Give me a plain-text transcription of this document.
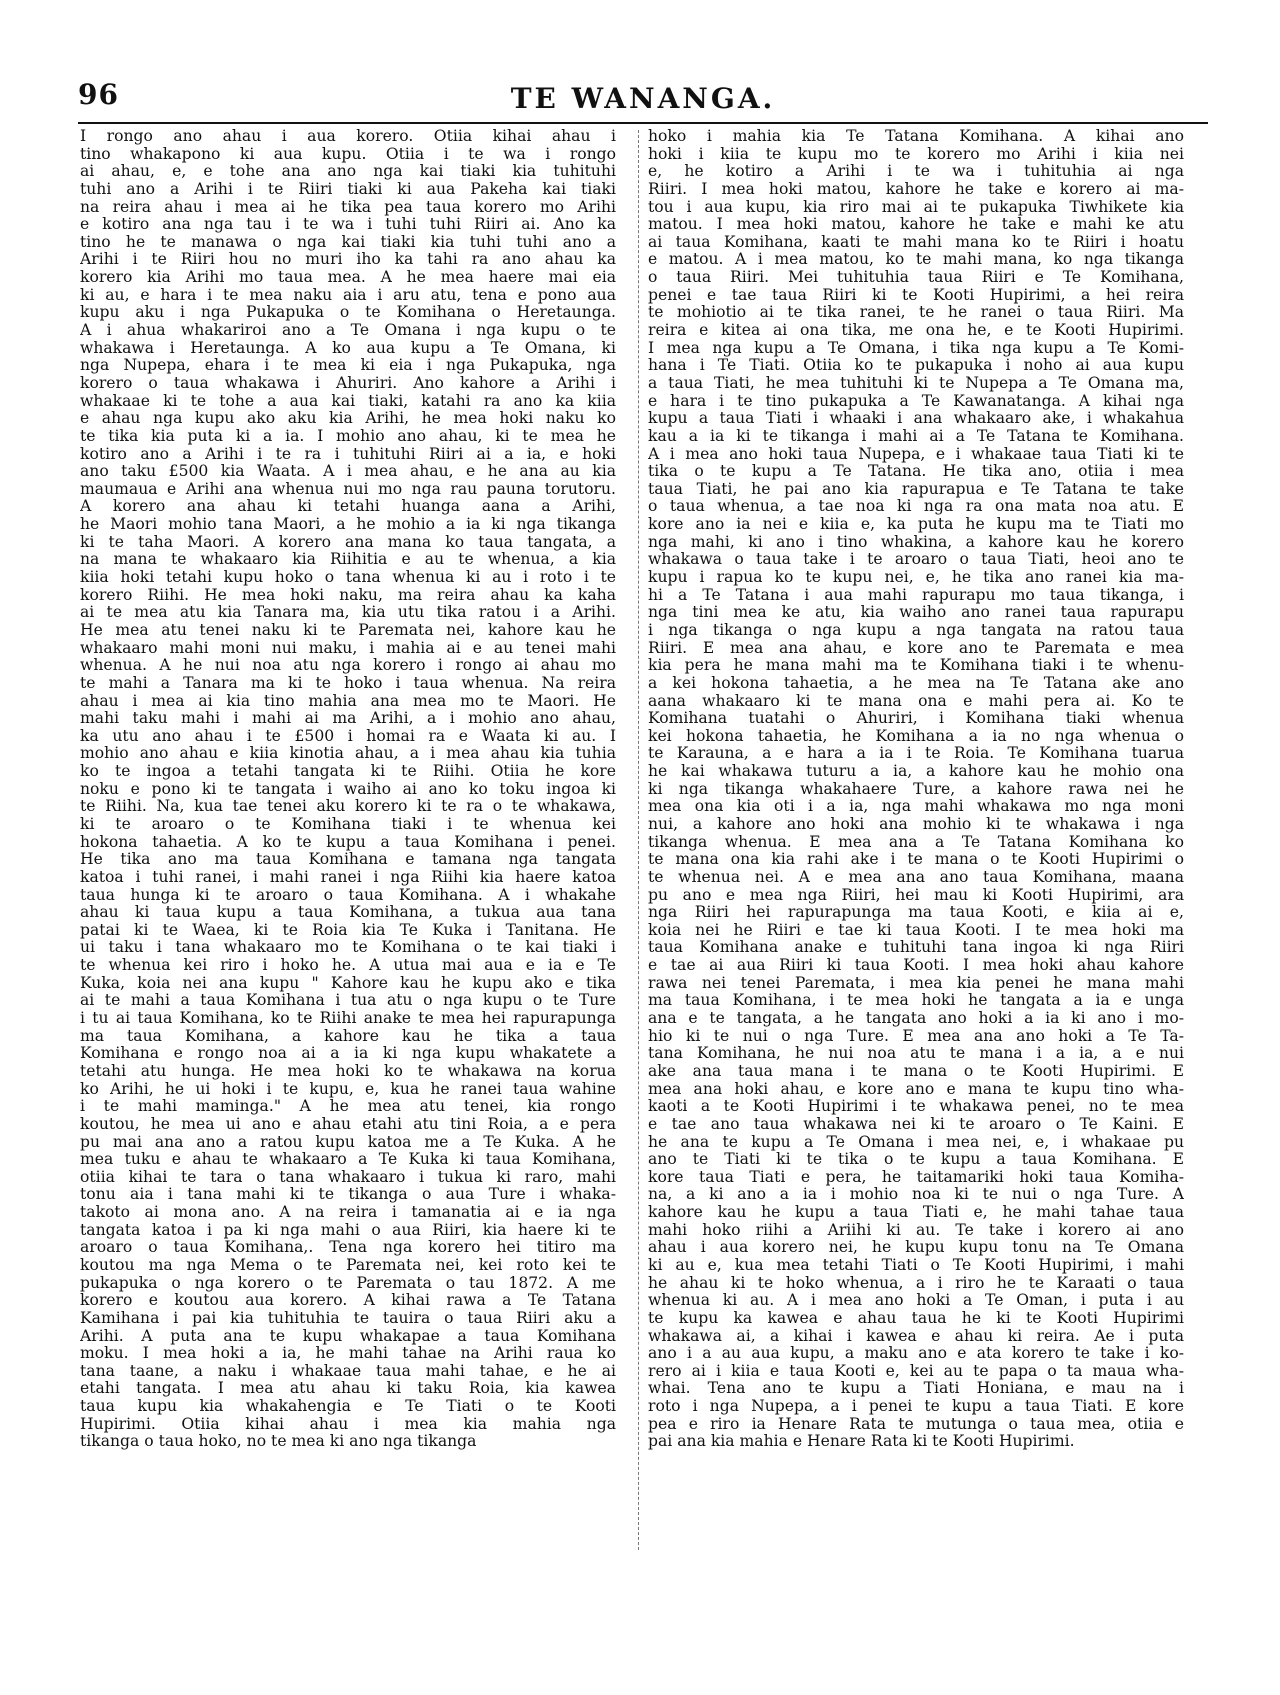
96	TE WANANGA.
I rongo ano ahau i aua korero. Otiia kihai ahau i
tino whakapono ki aua kupu. Otiia i te wa i rongo
ai ahau, e, e tohe ana ano nga kai tiaki kia tuhituhi
tuhi ano a Arihi i te Riiri tiaki ki aua Pakeha kai tiaki
na reira ahau i mea ai he tika pea taua korero mo Arihi
e kotiro ana nga tau i te wa i tuhi tuhi Riiri ai. Ano ka
tino he te manawa o nga kai tiaki kia tuhi tuhi ano a
Arihi i te Riiri hou no muri iho ka tahi ra ano ahau ka
korero kia Arihi mo taua mea. A he mea haere mai eia
ki au, e hara i te mea naku aia i aru atu, tena e pono aua
kupu aku i nga Pukapuka o te Komihana o Heretaunga.
A i ahua whakariroi ano a Te Omana i nga kupu o te
whakawa i Heretaunga. A ko aua kupu a Te Omana, ki
nga Nupepa, ehara i te mea ki eia i nga Pukapuka, nga
korero o taua whakawa i Ahuriri. Ano kahore a Arihi i
whakaae ki te tohe a aua kai tiaki, katahi ra ano ka kiia
e ahau nga kupu ako aku kia Arihi, he mea hoki naku ko
te tika kia puta ki a ia. I mohio ano ahau, ki te mea he
kotiro ano a Arihi i te ra i tuhituhi Riiri ai a ia, e hoki
ano taku £500 kia Waata. A i mea ahau, e he ana au kia
maumaua e Arihi ana whenua nui mo nga rau pauna torutoru.
A korero ana ahau ki tetahi huanga aana a Arihi,
he Maori mohio tana Maori, a he mohio a ia ki nga tikanga
ki te taha Maori. A korero ana mana ko taua tangata, a
na mana te whakaaro kia Riihitia e au te whenua, a kia
kiia hoki tetahi kupu hoko o tana whenua ki au i roto i te
korero Riihi. He mea hoki naku, ma reira ahau ka kaha
ai te mea atu kia Tanara ma, kia utu tika ratou i a Arihi.
He mea atu tenei naku ki te Paremata nei, kahore kau he
whakaaro mahi moni nui maku, i mahia ai e au tenei mahi
whenua. A he nui noa atu nga korero i rongo ai ahau mo
te mahi a Tanara ma ki te hoko i taua whenua. Na reira
ahau i mea ai kia tino mahia ana mea mo te Maori. He
mahi taku mahi i mahi ai ma Arihi, a i mohio ano ahau,
ka utu ano ahau i te £500 i homai ra e Waata ki au. I
mohio ano ahau e kiia kinotia ahau, a i mea ahau kia tuhia
ko te ingoa a tetahi tangata ki te Riihi. Otiia he kore
noku e pono ki te tangata i waiho ai ano ko toku ingoa ki
te Riihi. Na, kua tae tenei aku korero ki te ra o te whakawa,
ki te aroaro o te Komihana tiaki i te whenua kei
hokona tahaetia. A ko te kupu a taua Komihana i penei.
He tika ano ma taua Komihana e tamana nga tangata
katoa i tuhi ranei, i mahi ranei i nga Riihi kia haere katoa
taua hunga ki te aroaro o taua Komihana. A i whakahe
ahau ki taua kupu a taua Komihana, a tukua aua tana
patai ki te Waea, ki te Roia kia Te Kuka i Tanitana. He
ui taku i tana whakaaro mo te Komihana o te kai tiaki i
te whenua kei riro i hoko he. A utua mai aua e ia e Te
Kuka, koia nei ana kupu " Kahore kau he kupu ako e tika
ai te mahi a taua Komihana i tua atu o nga kupu o te Ture
i tu ai taua Komihana, ko te Riihi anake te mea hei rapurapunga
ma taua Komihana, a kahore kau he tika a taua
Komihana e rongo noa ai a ia ki nga kupu whakatete a
tetahi atu hunga. He mea hoki ko te whakawa na korua
ko Arihi, he ui hoki i te kupu, e, kua he ranei taua wahine
i te mahi maminga." A he mea atu tenei, kia rongo
koutou, he mea ui ano e ahau etahi atu tini Roia, a e pera
pu mai ana ano a ratou kupu katoa me a Te Kuka. A he
mea tuku e ahau te whakaaro a Te Kuka ki taua Komihana,
otiia kihai te tara o tana whakaaro i tukua ki raro, mahi
tonu aia i tana mahi ki te tikanga o aua Ture i whaka-
takoto ai mona ano. A na reira i tamanatia ai e ia nga
tangata katoa i pa ki nga mahi o aua Riiri, kia haere ki te
aroaro o taua Komihana,. Tena nga korero hei titiro ma
koutou ma nga Mema o te Paremata nei, kei roto kei te
pukapuka o nga korero o te Paremata o tau 1872. A me
korero e koutou aua korero. A kihai rawa a Te Tatana
Kamihana i pai kia tuhituhia te tauira o taua Riiri aku a
Arihi. A puta ana te kupu whakapae a taua Komihana
moku. I mea hoki a ia, he mahi tahae na Arihi raua ko
tana taane, a naku i whakaae taua mahi tahae, e he ai
etahi tangata. I mea atu ahau ki taku Roia, kia kawea
taua kupu kia whakahengia e Te Tiati o te Kooti
Hupirimi. Otiia kihai ahau i mea kia mahia nga
tikanga o taua hoko, no te mea ki ano nga tikanga
hoko i mahia kia Te Tatana Komihana. A kihai ano
hoki i kiia te kupu mo te korero mo Arihi i kiia nei
e, he kotiro a Arihi i te wa i tuhituhia ai nga
Riiri. I mea hoki matou, kahore he take e korero ai ma-
tou i aua kupu, kia riro mai ai te pukapuka Tiwhikete kia
matou. I mea hoki matou, kahore he take e mahi ke atu
ai taua Komihana, kaati te mahi mana ko te Riiri i hoatu
e matou. A i mea matou, ko te mahi mana, ko nga tikanga
o taua Riiri. Mei tuhituhia taua Riiri e Te Komihana,
penei e tae taua Riiri ki te Kooti Hupirimi, a hei reira
te mohiotio ai te tika ranei, te he ranei o taua Riiri. Ma
reira e kitea ai ona tika, me ona he, e te Kooti Hupirimi.
I mea nga kupu a Te Omana, i tika nga kupu a Te Komi-
hana i Te Tiati. Otiia ko te pukapuka i noho ai aua kupu
a taua Tiati, he mea tuhituhi ki te Nupepa a Te Omana ma,
e hara i te tino pukapuka a Te Kawanatanga. A kihai nga
kupu a taua Tiati i whaaki i ana whakaaro ake, i whakahua
kau a ia ki te tikanga i mahi ai a Te Tatana te Komihana.
A i mea ano hoki taua Nupepa, e i whakaae taua Tiati ki te
tika o te kupu a Te Tatana. He tika ano, otiia i mea
taua Tiati, he pai ano kia rapurapua e Te Tatana te take
o taua whenua, a tae noa ki nga ra ona mata noa atu. E
kore ano ia nei e kiia e, ka puta he kupu ma te Tiati mo
nga mahi, ki ano i tino whakina, a kahore kau he korero
whakawa o taua take i te aroaro o taua Tiati, heoi ano te
kupu i rapua ko te kupu nei, e, he tika ano ranei kia ma-
hi a Te Tatana i aua mahi rapurapu mo taua tikanga, i
nga tini mea ke atu, kia waiho ano ranei taua rapurapu
i nga tikanga o nga kupu a nga tangata na ratou taua
Riiri. E mea ana ahau, e kore ano te Paremata e mea
kia pera he mana mahi ma te Komihana tiaki i te whenu-
a kei hokona tahaetia, a he mea na Te Tatana ake ano
aana whakaaro ki te mana ona e mahi pera ai. Ko te
Komihana tuatahi o Ahuriri, i Komihana tiaki whenua
kei hokona tahaetia, he Komihana a ia no nga whenua o
te Karauna, a e hara a ia i te Roia. Te Komihana tuarua
he kai whakawa tuturu a ia, a kahore kau he mohio ona
ki nga tikanga whakahaere Ture, a kahore rawa nei he
mea ona kia oti i a ia, nga mahi whakawa mo nga moni
nui, a kahore ano hoki ana mohio ki te whakawa i nga
tikanga whenua. E mea ana a Te Tatana Komihana ko
te mana ona kia rahi ake i te mana o te Kooti Hupirimi o
te whenua nei. A e mea ana ano taua Komihana, maana
pu ano e mea nga Riiri, hei mau ki Kooti Hupirimi, ara
nga Riiri hei rapurapunga ma taua Kooti, e kiia ai e,
koia nei he Riiri e tae ki taua Kooti. I te mea hoki ma
taua Komihana anake e tuhituhi tana ingoa ki nga Riiri
e tae ai aua Riiri ki taua Kooti. I mea hoki ahau kahore
rawa nei tenei Paremata, i mea kia penei he mana mahi
ma taua Komihana, i te mea hoki he tangata a ia e unga
ana e te tangata, a he tangata ano hoki a ia ki ano i mo-
hio ki te nui o nga Ture. E mea ana ano hoki a Te Ta-
tana Komihana, he nui noa atu te mana i a ia, a e nui
ake ana taua mana i te mana o te Kooti Hupirimi. E
mea ana hoki ahau, e kore ano e mana te kupu tino wha-
kaoti a te Kooti Hupirimi i te whakawa penei, no te mea
e tae ano taua whakawa nei ki te aroaro o Te Kaini. E
he ana te kupu a Te Omana i mea nei, e, i whakaae pu
ano te Tiati ki te tika o te kupu a taua Komihana. E
kore taua Tiati e pera, he taitamariki hoki taua Komiha-
na, a ki ano a ia i mohio noa ki te nui o nga Ture. A
kahore kau he kupu a taua Tiati e, he mahi tahae taua
mahi hoko riihi a Ariihi ki au. Te take i korero ai ano
ahau i aua korero nei, he kupu kupu tonu na Te Omana
ki au e, kua mea tetahi Tiati o Te Kooti Hupirimi, i mahi
he ahau ki te hoko whenua, a i riro he te Karaati o taua
whenua ki au. A i mea ano hoki a Te Oman, i puta i au
te kupu ka kawea e ahau taua he ki te Kooti Hupirimi
whakawa ai, a kihai i kawea e ahau ki reira. Ae i puta
ano i a au aua kupu, a maku ano e ata korero te take i ko-
rero ai i kiia e taua Kooti e, kei au te papa o ta maua wha-
whai. Tena ano te kupu a Tiati Honiana, e mau na i
roto i nga Nupepa, a i penei te kupu a taua Tiati. E kore
pea e riro ia Henare Rata te mutunga o taua mea, otiia e
pai ana kia mahia e Henare Rata ki te Kooti Hupirimi.
